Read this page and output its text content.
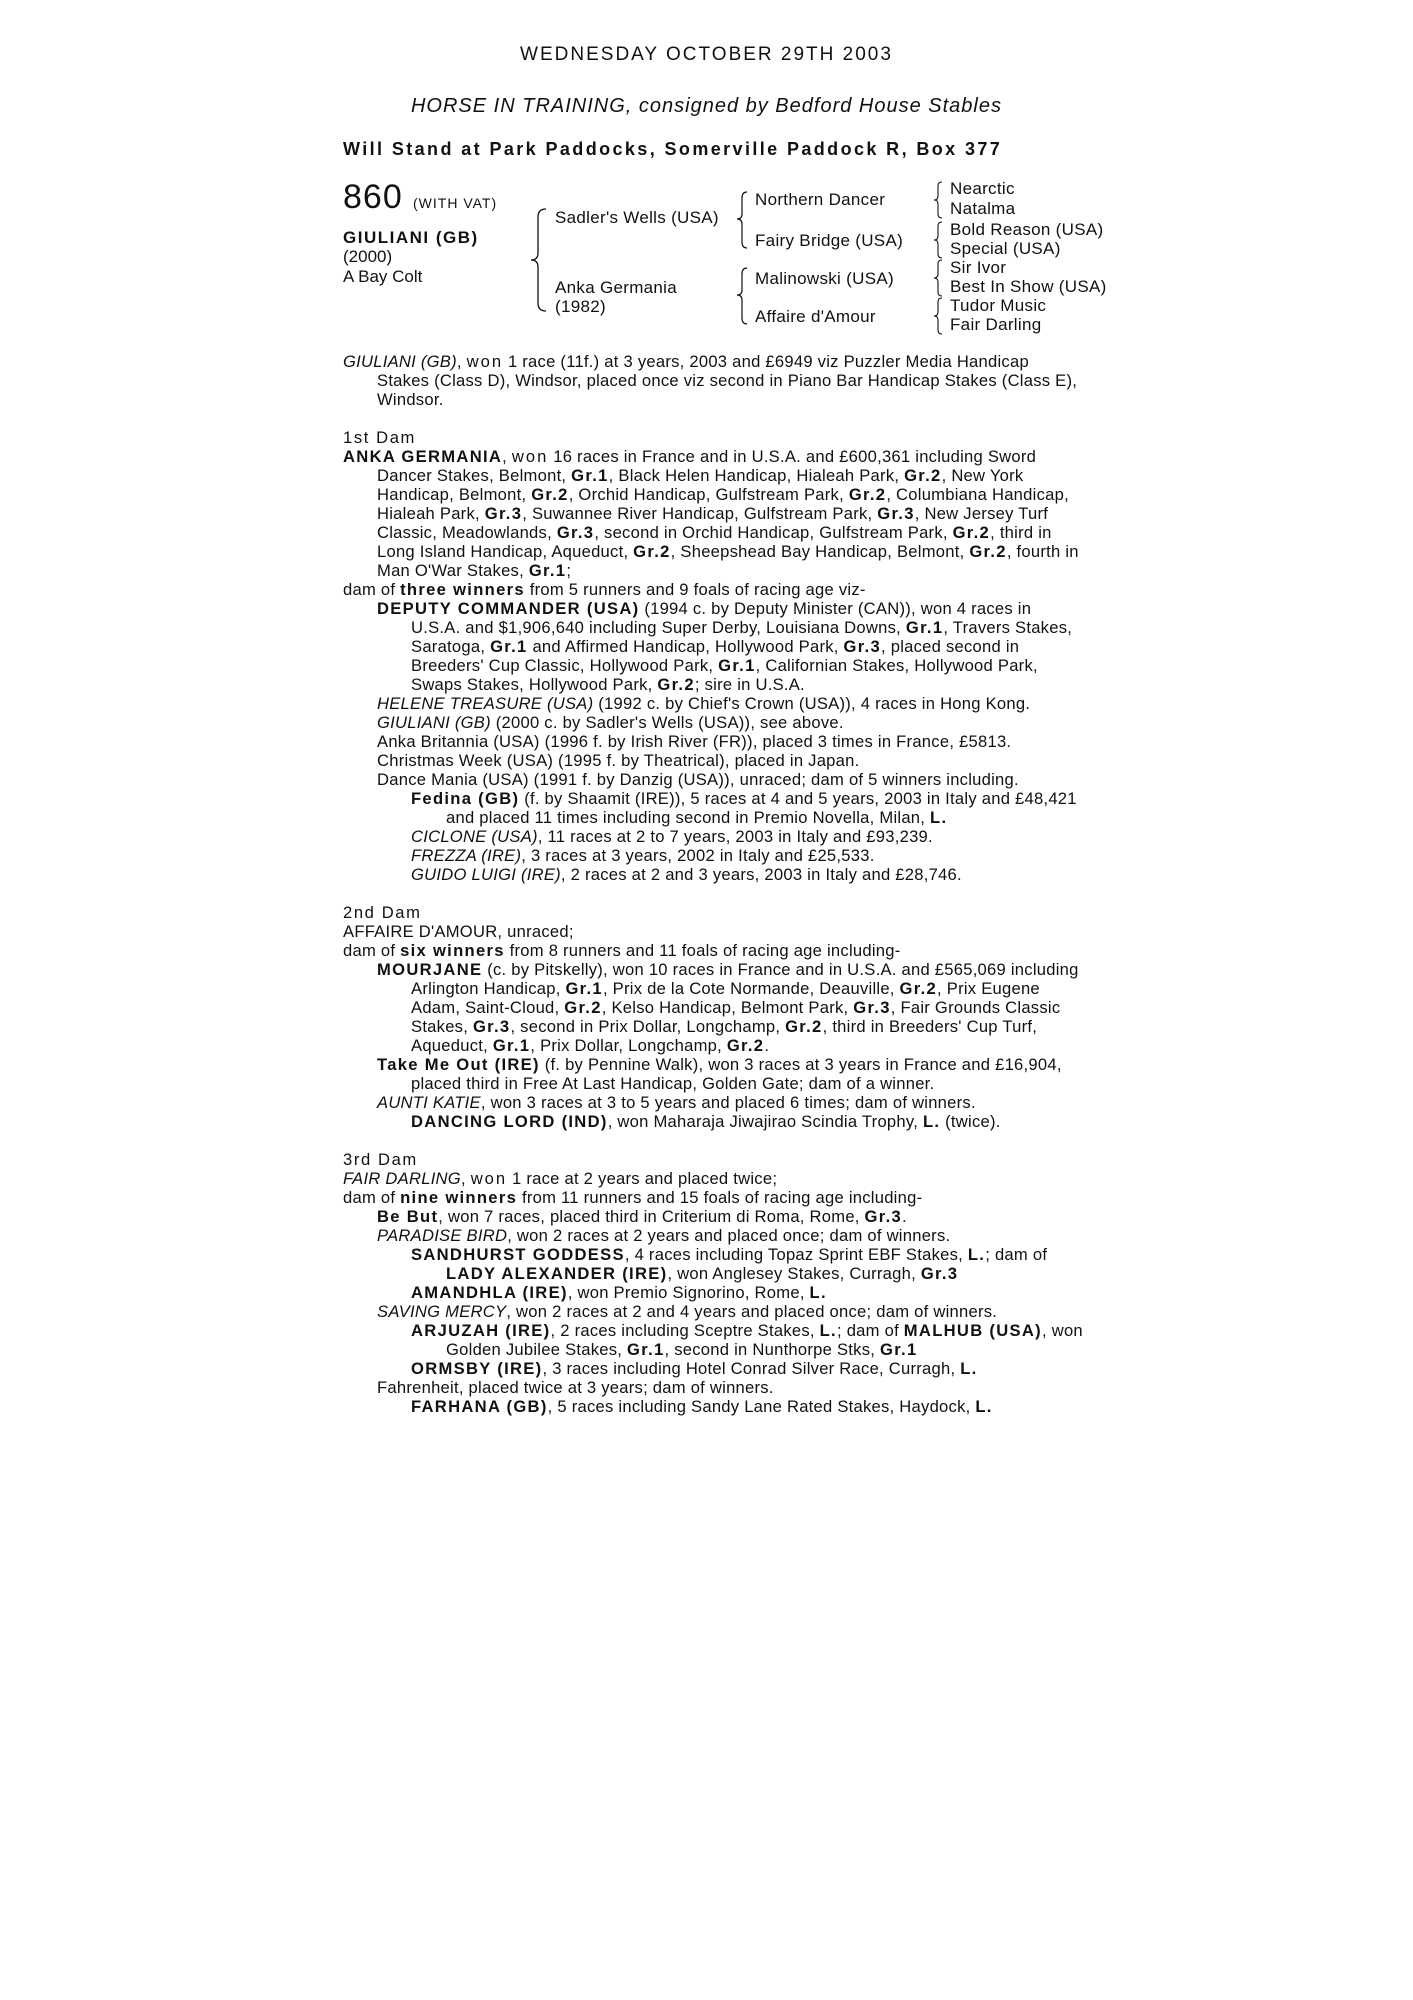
WEDNESDAY OCTOBER 29TH 2003
HORSE IN TRAINING, consigned by Bedford House Stables
Will Stand at Park Paddocks, Somerville Paddock R, Box 377
860 (WITH VAT)
GIULIANI (GB)
(2000)
A Bay Colt
Sadler's Wells (USA)
Anka Germania
(1982)
Northern Dancer
Fairy Bridge (USA)
Malinowski (USA)
Affaire d'Amour
Nearctic
Natalma
Bold Reason (USA)
Special (USA)
Sir Ivor
Best In Show (USA)
Tudor Music
Fair Darling

GIULIANI (GB), won 1 race (11f.) at 3 years, 2003 and £6949 viz Puzzler Media Handicap Stakes (Class D), Windsor, placed once viz second in Piano Bar Handicap Stakes (Class E), Windsor.

1st Dam

ANKA GERMANIA, won 16 races in France and in U.S.A. and £600,361 including Sword Dancer Stakes, Belmont, Gr.1, Black Helen Handicap, Hialeah Park, Gr.2, New York Handicap, Belmont, Gr.2, Orchid Handicap, Gulfstream Park, Gr.2, Columbiana Handicap, Hialeah Park, Gr.3, Suwannee River Handicap, Gulfstream Park, Gr.3, New Jersey Turf Classic, Meadowlands, Gr.3, second in Orchid Handicap, Gulfstream Park, Gr.2, third in Long Island Handicap, Aqueduct, Gr.2, Sheepshead Bay Handicap, Belmont, Gr.2, fourth in Man O'War Stakes, Gr.1;

dam of three winners from 5 runners and 9 foals of racing age viz-

DEPUTY COMMANDER (USA) (1994 c. by Deputy Minister (CAN)), won 4 races in U.S.A. and $1,906,640 including Super Derby, Louisiana Downs, Gr.1, Travers Stakes, Saratoga, Gr.1 and Affirmed Handicap, Hollywood Park, Gr.3, placed second in Breeders' Cup Classic, Hollywood Park, Gr.1, Californian Stakes, Hollywood Park, Swaps Stakes, Hollywood Park, Gr.2; sire in U.S.A.

HELENE TREASURE (USA) (1992 c. by Chief's Crown (USA)), 4 races in Hong Kong.

GIULIANI (GB) (2000 c. by Sadler's Wells (USA)), see above.

Anka Britannia (USA) (1996 f. by Irish River (FR)), placed 3 times in France, £5813.

Christmas Week (USA) (1995 f. by Theatrical), placed in Japan.

Dance Mania (USA) (1991 f. by Danzig (USA)), unraced; dam of 5 winners including.

Fedina (GB) (f. by Shaamit (IRE)), 5 races at 4 and 5 years, 2003 in Italy and £48,421 and placed 11 times including second in Premio Novella, Milan, L.

CICLONE (USA), 11 races at 2 to 7 years, 2003 in Italy and £93,239.

FREZZA (IRE), 3 races at 3 years, 2002 in Italy and £25,533.

GUIDO LUIGI (IRE), 2 races at 2 and 3 years, 2003 in Italy and £28,746.

2nd Dam

AFFAIRE D'AMOUR, unraced;

dam of six winners from 8 runners and 11 foals of racing age including-

MOURJANE (c. by Pitskelly), won 10 races in France and in U.S.A. and £565,069 including Arlington Handicap, Gr.1, Prix de la Cote Normande, Deauville, Gr.2, Prix Eugene Adam, Saint-Cloud, Gr.2, Kelso Handicap, Belmont Park, Gr.3, Fair Grounds Classic Stakes, Gr.3, second in Prix Dollar, Longchamp, Gr.2, third in Breeders' Cup Turf, Aqueduct, Gr.1, Prix Dollar, Longchamp, Gr.2.

Take Me Out (IRE) (f. by Pennine Walk), won 3 races at 3 years in France and £16,904, placed third in Free At Last Handicap, Golden Gate; dam of a winner.

AUNTI KATIE, won 3 races at 3 to 5 years and placed 6 times; dam of winners.

DANCING LORD (IND), won Maharaja Jiwajirao Scindia Trophy, L. (twice).

3rd Dam

FAIR DARLING, won 1 race at 2 years and placed twice;

dam of nine winners from 11 runners and 15 foals of racing age including-

Be But, won 7 races, placed third in Criterium di Roma, Rome, Gr.3.

PARADISE BIRD, won 2 races at 2 years and placed once; dam of winners.

SANDHURST GODDESS, 4 races including Topaz Sprint EBF Stakes, L.; dam of LADY ALEXANDER (IRE), won Anglesey Stakes, Curragh, Gr.3

AMANDHLA (IRE), won Premio Signorino, Rome, L.

SAVING MERCY, won 2 races at 2 and 4 years and placed once; dam of winners.

ARJUZAH (IRE), 2 races including Sceptre Stakes, L.; dam of MALHUB (USA), won Golden Jubilee Stakes, Gr.1, second in Nunthorpe Stks, Gr.1

ORMSBY (IRE), 3 races including Hotel Conrad Silver Race, Curragh, L.

Fahrenheit, placed twice at 3 years; dam of winners.

FARHANA (GB), 5 races including Sandy Lane Rated Stakes, Haydock, L.
